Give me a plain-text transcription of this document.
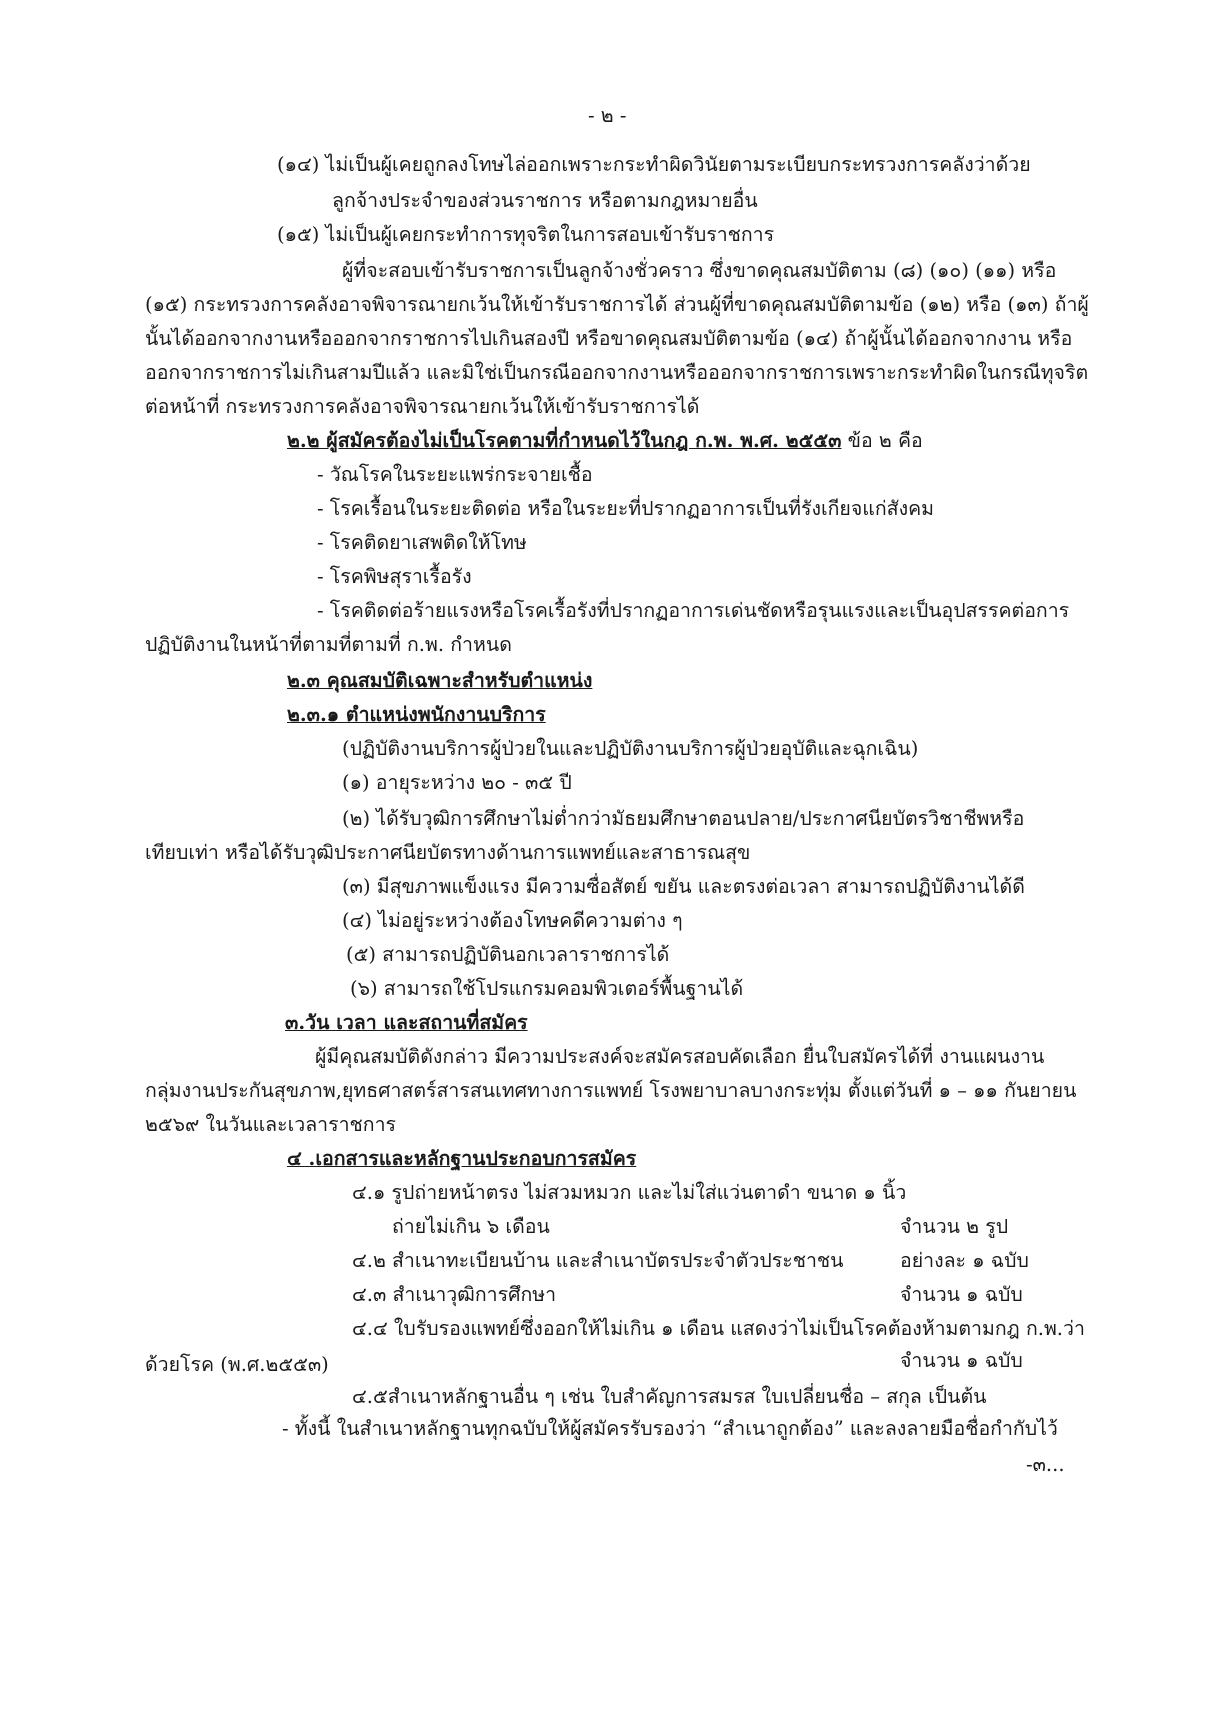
- ๒ -
(๑๔) ไม่เป็นผู้เคยถูกลงโทษไล่ออกเพราะกระทำผิดวินัยตามระเบียบกระทรวงการคลังว่าด้วย
ลูกจ้างประจำของส่วนราชการ หรือตามกฎหมายอื่น
(๑๕) ไม่เป็นผู้เคยกระทำการทุจริตในการสอบเข้ารับราชการ
ผู้ที่จะสอบเข้ารับราชการเป็นลูกจ้างชั่วคราว ซึ่งขาดคุณสมบัติตาม (๘) (๑๐) (๑๑) หรือ
(๑๕) กระทรวงการคลังอาจพิจารณายกเว้นให้เข้ารับราชการได้ ส่วนผู้ที่ขาดคุณสมบัติตามข้อ (๑๒) หรือ (๑๓) ถ้าผู้
นั้นได้ออกจากงานหรือออกจากราชการไปเกินสองปี หรือขาดคุณสมบัติตามข้อ (๑๔) ถ้าผู้นั้นได้ออกจากงาน หรือ
ออกจากราชการไม่เกินสามปีแล้ว และมิใช่เป็นกรณีออกจากงานหรือออกจากราชการเพราะกระทำผิดในกรณีทุจริต
ต่อหน้าที่ กระทรวงการคลังอาจพิจารณายกเว้นให้เข้ารับราชการได้
๒.๒ ผู้สมัครต้องไม่เป็นโรคตามที่กำหนดไว้ในกฎ ก.พ. พ.ศ. ๒๕๕๓ ข้อ ๒ คือ
- วัณโรคในระยะแพร่กระจายเชื้อ
- โรคเรื้อนในระยะติดต่อ หรือในระยะที่ปรากฏอาการเป็นที่รังเกียจแก่สังคม
- โรคติดยาเสพติดให้โทษ
- โรคพิษสุราเรื้อรัง
- โรคติดต่อร้ายแรงหรือโรคเรื้อรังที่ปรากฏอาการเด่นชัดหรือรุนแรงและเป็นอุปสรรคต่อการ
ปฏิบัติงานในหน้าที่ตามที่ตามที่ ก.พ. กำหนด
๒.๓ คุณสมบัติเฉพาะสำหรับตำแหน่ง
๒.๓.๑ ตำแหน่งพนักงานบริการ
(ปฏิบัติงานบริการผู้ป่วยในและปฏิบัติงานบริการผู้ป่วยอุบัติและฉุกเฉิน)
(๑) อายุระหว่าง ๒๐ - ๓๕ ปี
(๒) ได้รับวุฒิการศึกษาไม่ต่ำกว่ามัธยมศึกษาตอนปลาย/ประกาศนียบัตรวิชาชีพหรือ
เทียบเท่า หรือได้รับวุฒิประกาศนียบัตรทางด้านการแพทย์และสาธารณสุข
(๓) มีสุขภาพแข็งแรง มีความซื่อสัตย์ ขยัน และตรงต่อเวลา สามารถปฏิบัติงานได้ดี
(๔) ไม่อยู่ระหว่างต้องโทษคดีความต่าง ๆ
(๕) สามารถปฏิบัตินอกเวลาราชการได้
(๖) สามารถใช้โปรแกรมคอมพิวเตอร์พื้นฐานได้
๓.วัน เวลา และสถานที่สมัคร
ผู้มีคุณสมบัติดังกล่าว มีความประสงค์จะสมัครสอบคัดเลือก ยื่นใบสมัครได้ที่ งานแผนงาน
กลุ่มงานประกันสุขภาพ,ยุทธศาสตร์สารสนเทศทางการแพทย์ โรงพยาบาลบางกระทุ่ม ตั้งแต่วันที่ ๑ – ๑๑ กันยายน
๒๕๖๙ ในวันและเวลาราชการ
๔ .เอกสารและหลักฐานประกอบการสมัคร
๔.๑ รูปถ่ายหน้าตรง ไม่สวมหมวก และไม่ใส่แว่นตาดำ ขนาด ๑ นิ้ว
ถ่ายไม่เกิน ๖ เดือน	จำนวน ๒ รูป
๔.๒ สำเนาทะเบียนบ้าน และสำเนาบัตรประจำตัวประชาชน	อย่างละ ๑ ฉบับ
๔.๓ สำเนาวุฒิการศึกษา	จำนวน ๑ ฉบับ
๔.๔ ใบรับรองแพทย์ซึ่งออกให้ไม่เกิน ๑ เดือน แสดงว่าไม่เป็นโรคต้องห้ามตามกฎ ก.พ.ว่า
ด้วยโรค (พ.ศ.๒๕๕๓)	จำนวน ๑ ฉบับ
๔.๕สำเนาหลักฐานอื่น ๆ เช่น ใบสำคัญการสมรส ใบเปลี่ยนชื่อ – สกุล เป็นต้น
- ทั้งนี้ ในสำเนาหลักฐานทุกฉบับให้ผู้สมัครรับรองว่า “สำเนาถูกต้อง” และลงลายมือชื่อกำกับไว้
-๓...
